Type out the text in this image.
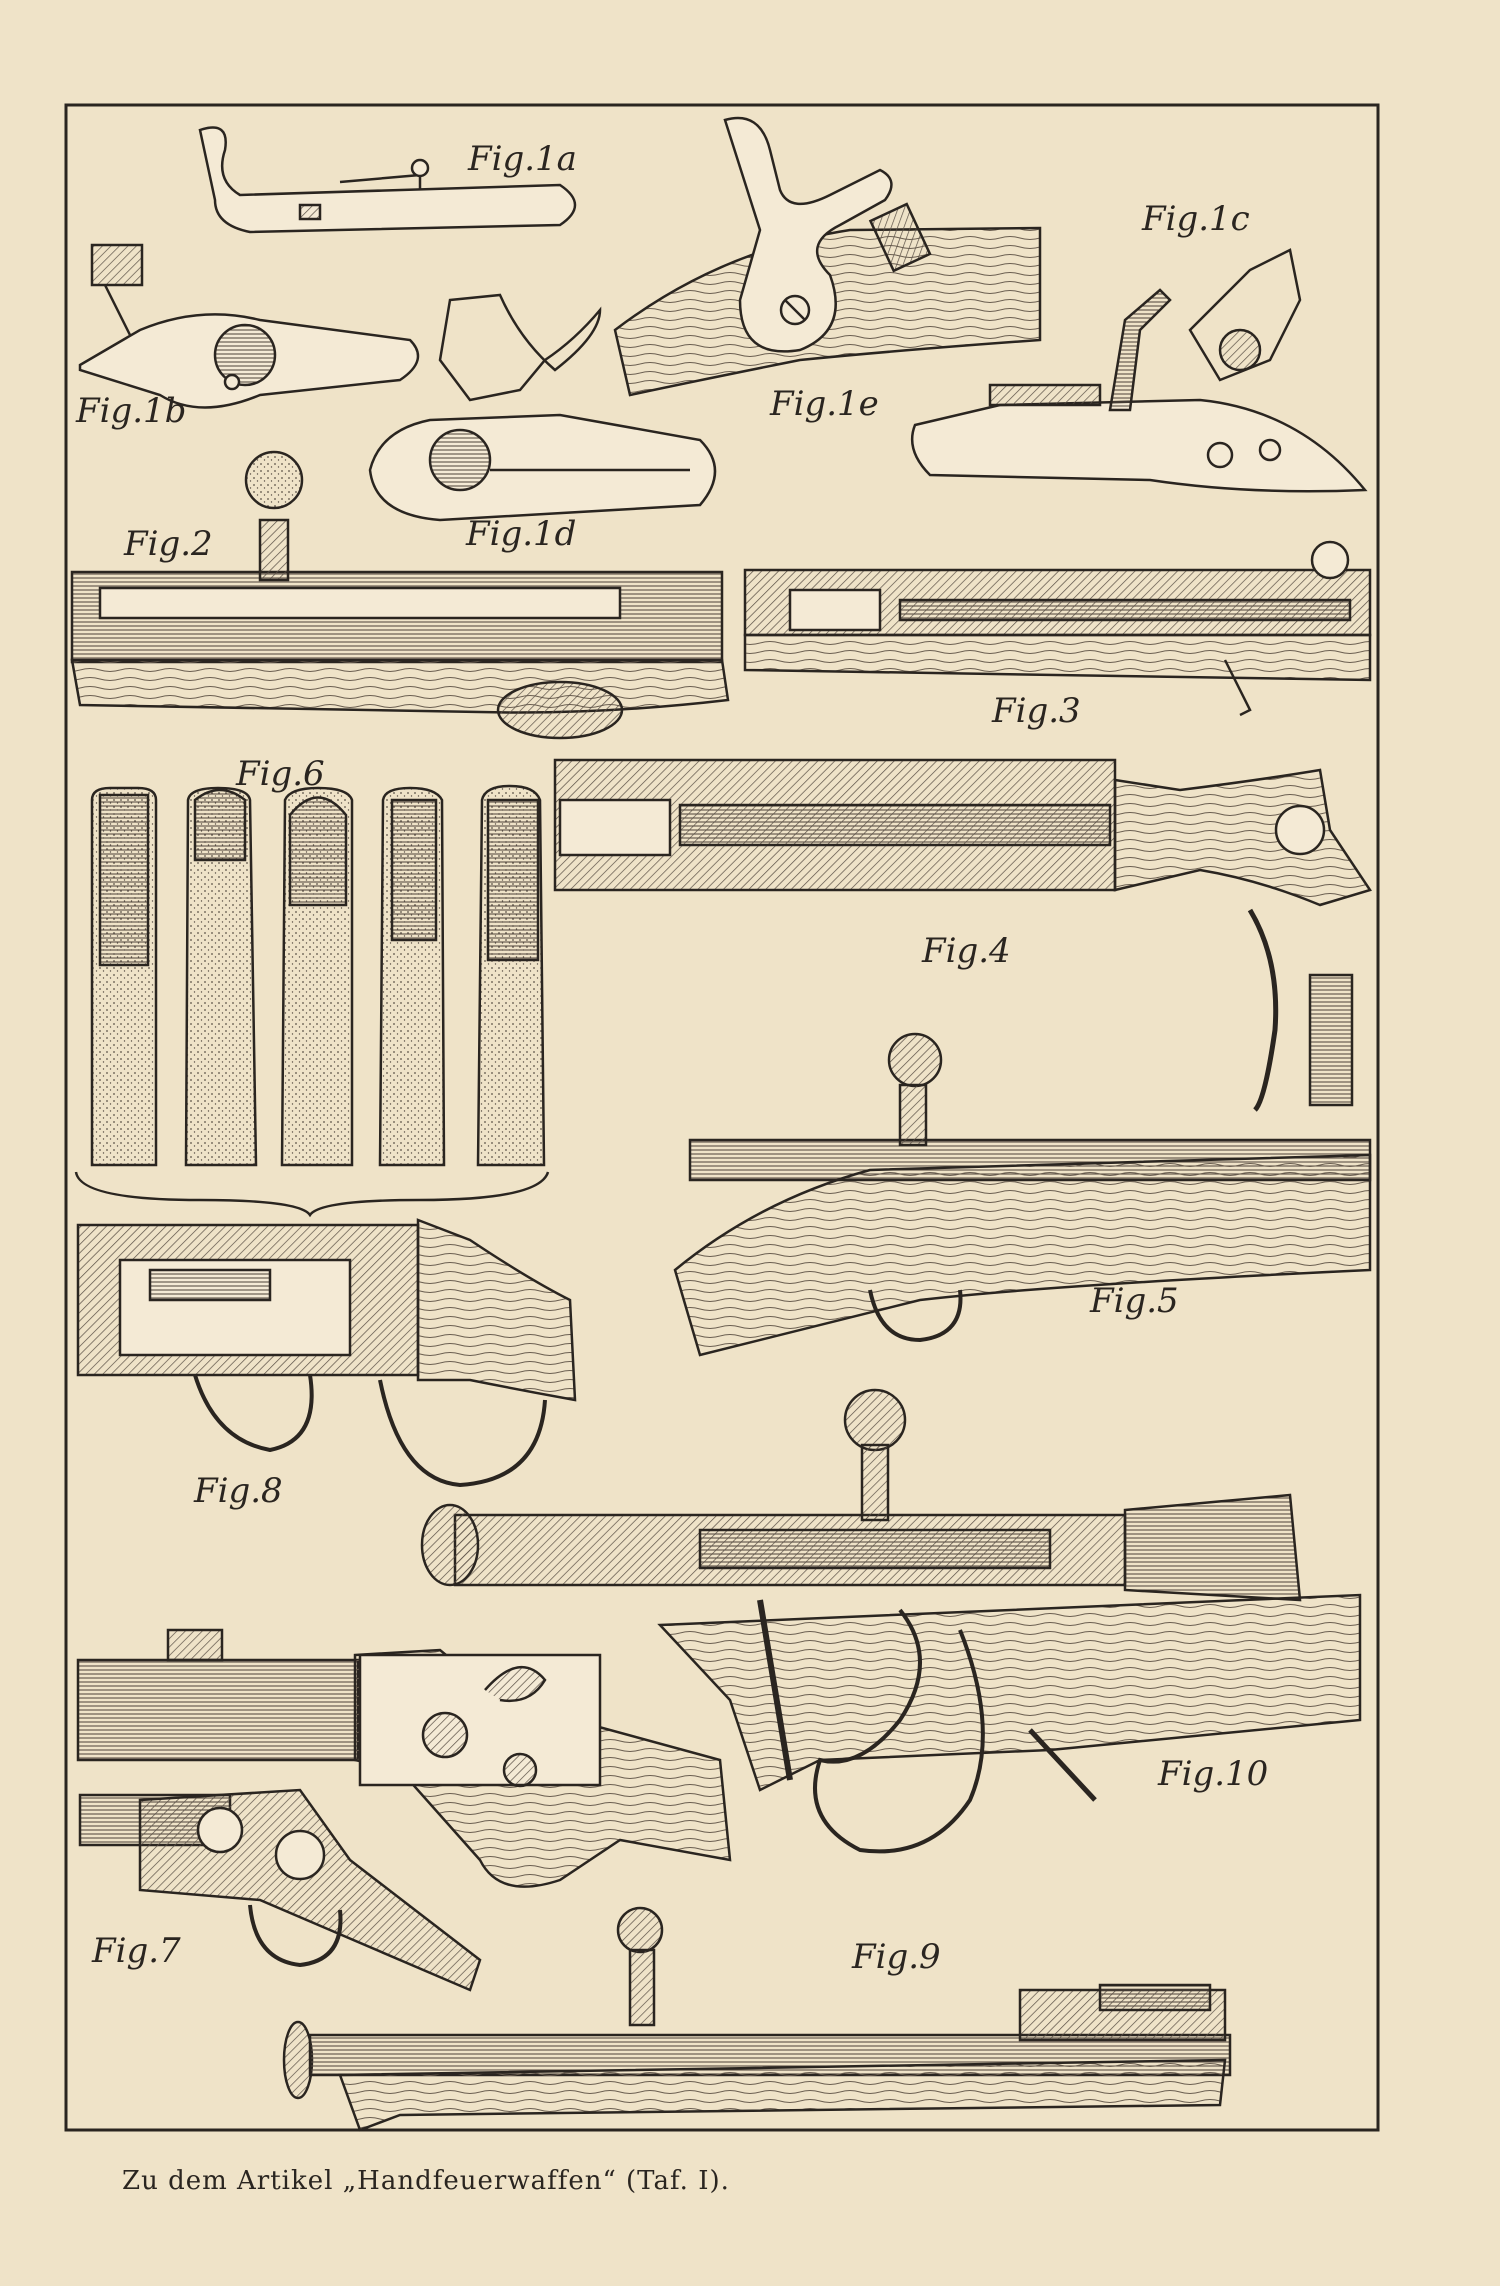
Fig.1a
Fig.1b
Fig.1c
Fig.1d
Fig.1e
Fig.2
Fig.3
Fig.4
Fig.5
Fig.6
Fig.7
Fig.8
Fig.9
Fig.10
Zu dem Artikel „Handfeuerwaffen“ (Taf. I).
